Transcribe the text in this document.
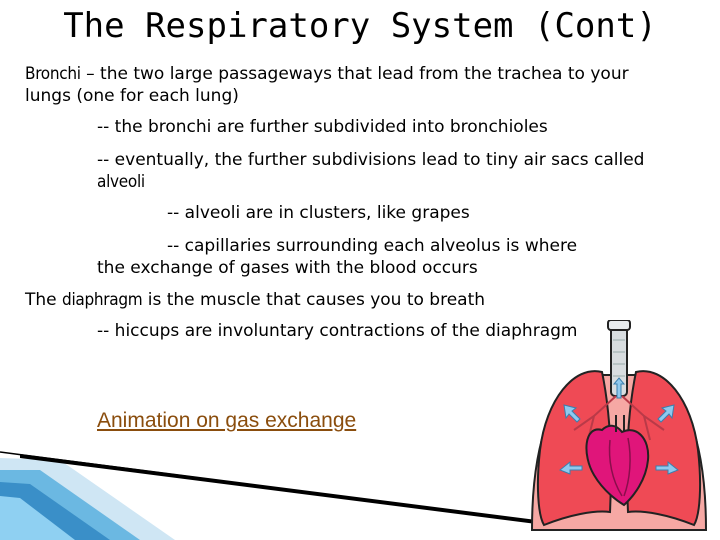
The Respiratory System (Cont)

Bronchi – the two large passageways that lead from the trachea to your

lungs (one for each lung)

-- the bronchi are further subdivided into bronchioles

-- eventually, the further subdivisions lead to tiny air sacs called

alveoli

-- alveoli are in clusters, like grapes

-- capillaries surrounding each alveolus is where

the exchange of gases with the blood occurs

The diaphragm is the muscle that causes you to breath

-- hiccups are involuntary contractions of the diaphragm

Animation on gas exchange
